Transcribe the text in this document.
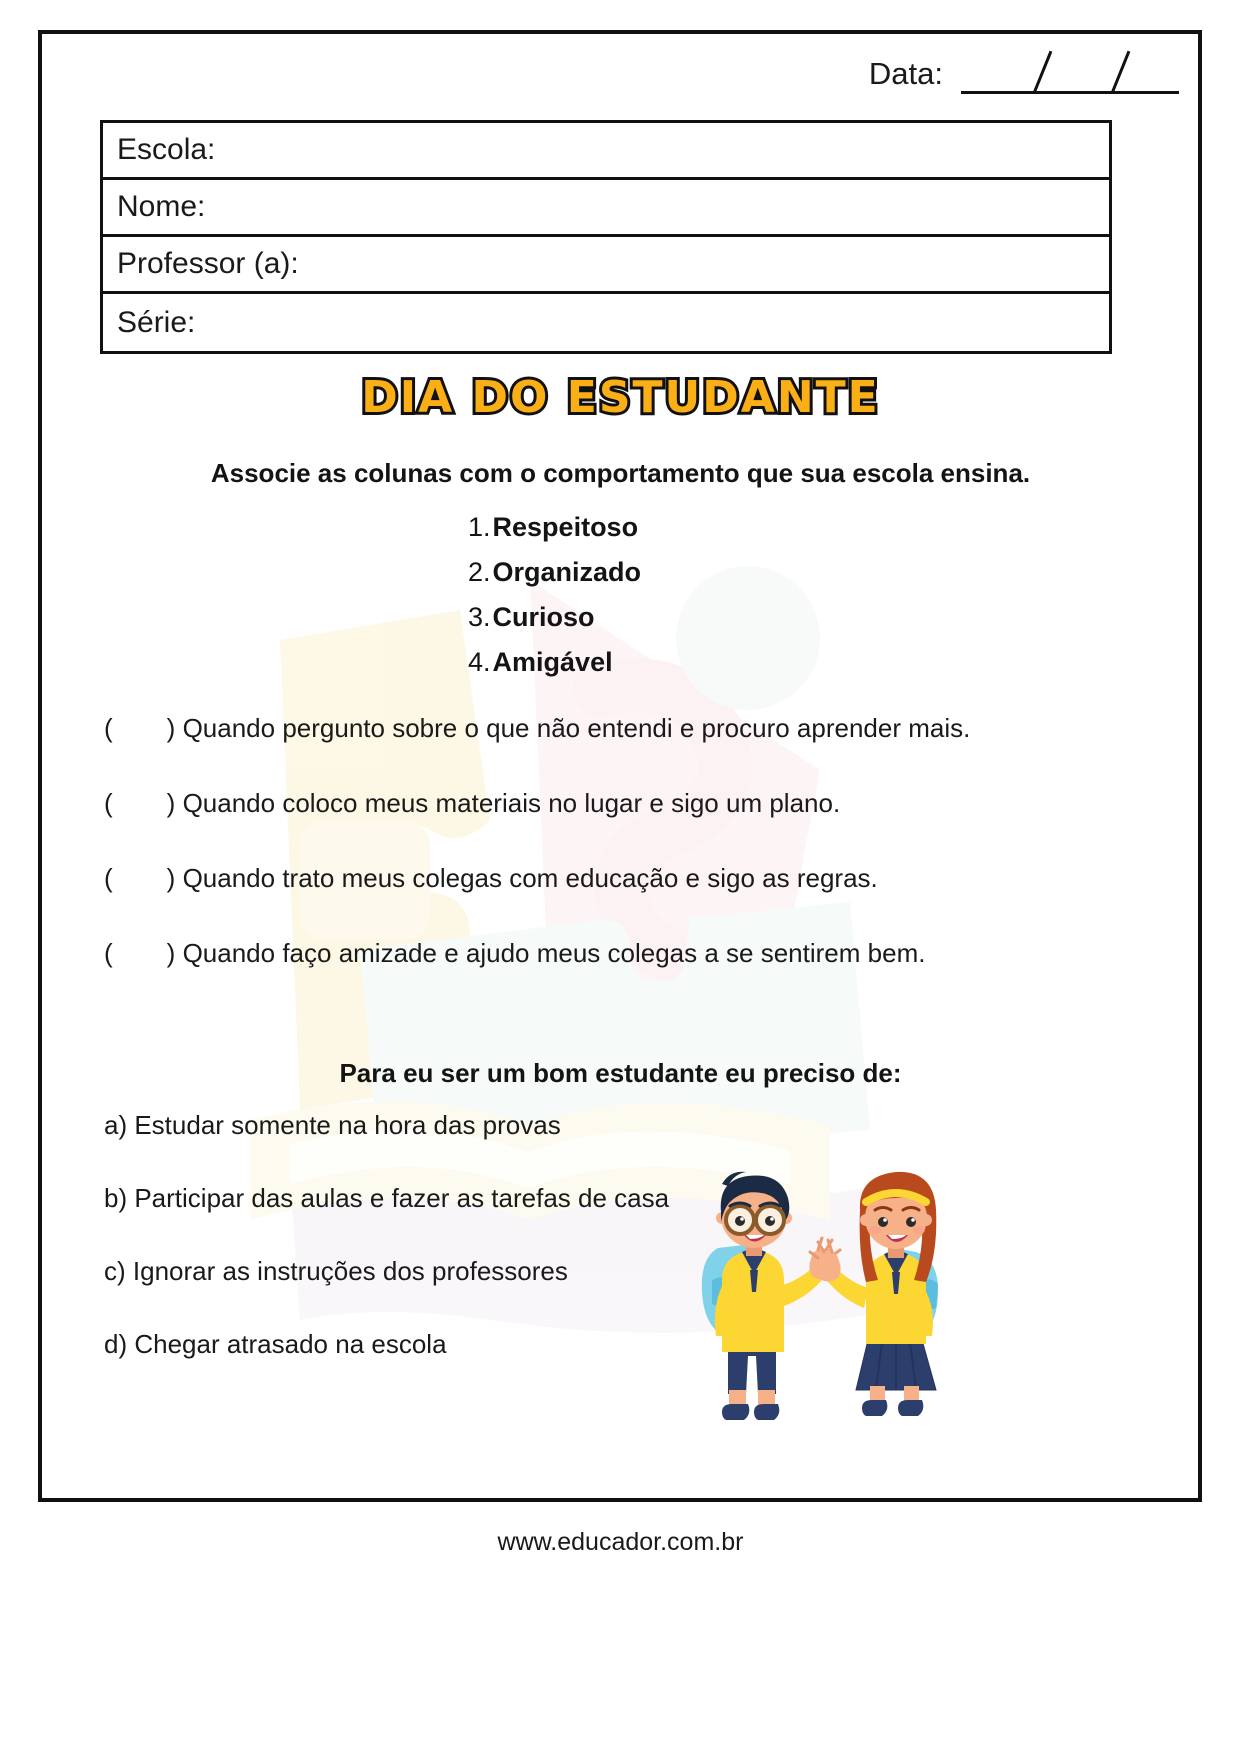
Data:
Escola:
Nome:
Professor (a):
Série:
DIA DO ESTUDANTE
Associe as colunas com o comportamento que sua escola ensina.
1. Respeitoso
2. Organizado
3. Curioso
4. Amigável
( ) Quando pergunto sobre o que não entendi e procuro aprender mais.
( ) Quando coloco meus materiais no lugar e sigo um plano.
( ) Quando trato meus colegas com educação e sigo as regras.
( ) Quando faço amizade e ajudo meus colegas a se sentirem bem.
Para eu ser um bom estudante eu preciso de:
a) Estudar somente na hora das provas
b) Participar das aulas e fazer as tarefas de casa
c) Ignorar as instruções dos professores
d) Chegar atrasado na escola
www.educador.com.br
